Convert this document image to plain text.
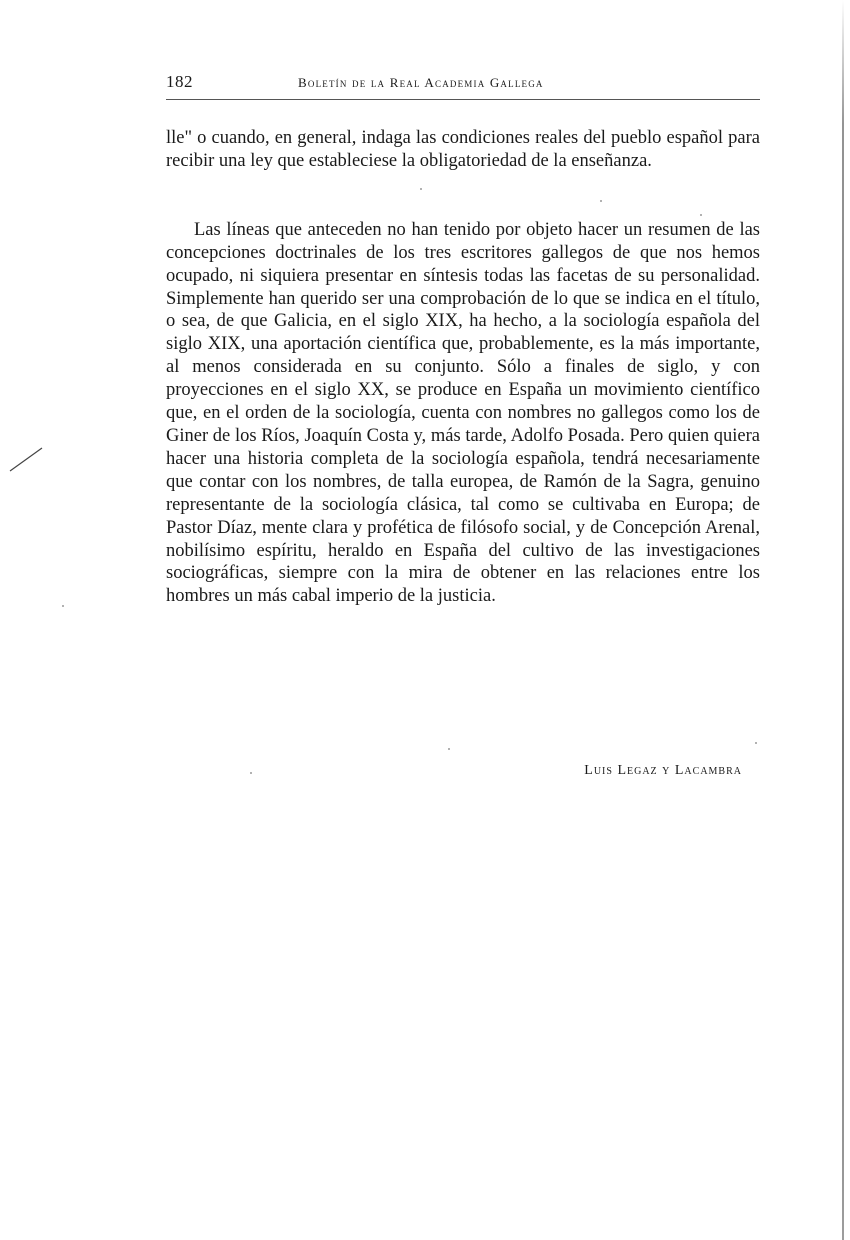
182	Boletín de la Real Academia Gallega

lle" o cuando, en general, indaga las condiciones reales del pueblo español para recibir una ley que estableciese la obligatoriedad de la enseñanza.

Las líneas que anteceden no han tenido por objeto hacer un resumen de las concepciones doctrinales de los tres escritores gallegos de que nos hemos ocupado, ni siquiera presentar en síntesis todas las facetas de su personalidad. Simplemente han querido ser una comprobación de lo que se indica en el título, o sea, de que Galicia, en el siglo XIX, ha hecho, a la sociología española del siglo XIX, una aportación científica que, probablemente, es la más importante, al menos considerada en su conjunto. Sólo a finales de siglo, y con proyecciones en el siglo XX, se produce en España un movimiento científico que, en el orden de la sociología, cuenta con nombres no gallegos como los de Giner de los Ríos, Joaquín Costa y, más tarde, Adolfo Posada. Pero quien quiera hacer una historia completa de la sociología española, tendrá necesariamente que contar con los nombres, de talla europea, de Ramón de la Sagra, genuino representante de la sociología clásica, tal como se cultivaba en Europa; de Pastor Díaz, mente clara y profética de filósofo social, y de Concepción Arenal, nobilísimo espíritu, heraldo en España del cultivo de las investigaciones sociográficas, siempre con la mira de obtener en las relaciones entre los hombres un más cabal imperio de la justicia.

Luis Legaz y Lacambra
